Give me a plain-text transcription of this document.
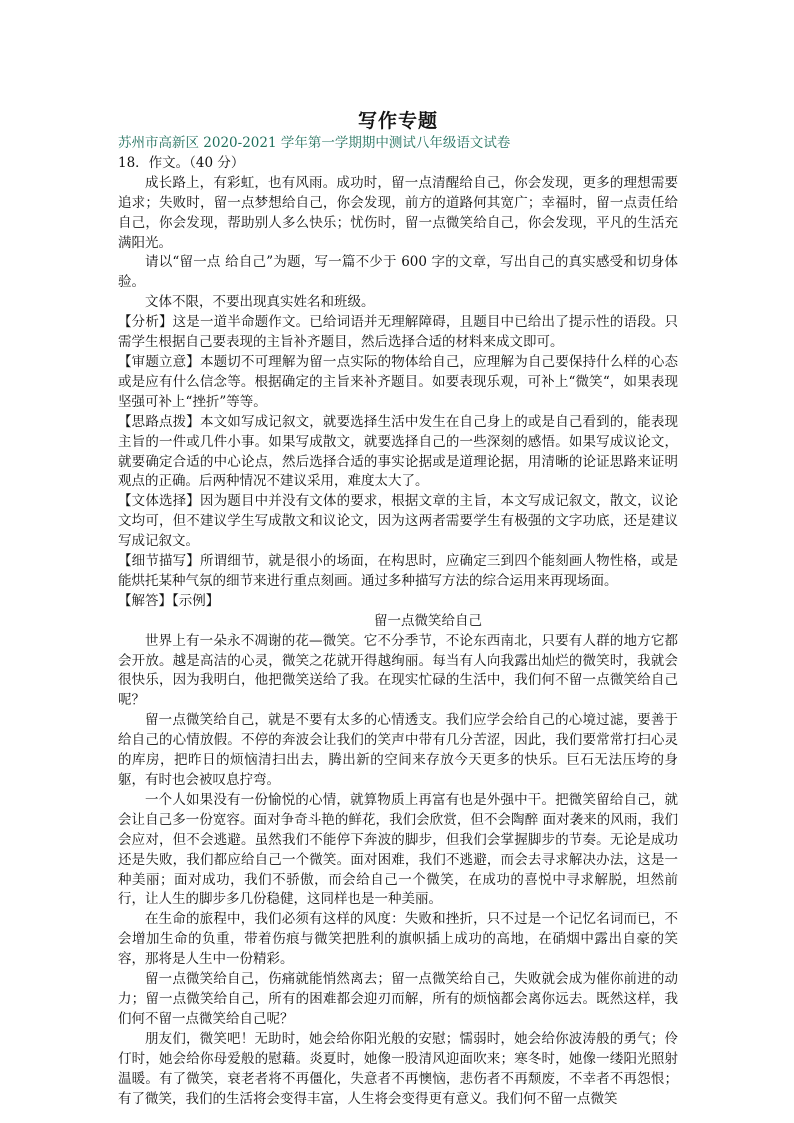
写作专题

苏州市高新区 2020-2021 学年第一学期期中测试八年级语文试卷

18．作文。（40 分）

成长路上，有彩虹，也有风雨。成功时，留一点清醒给自己，你会发现，更多的理想需要追求；失败时，留一点梦想给自己，你会发现，前方的道路何其宽广；幸福时，留一点责任给自己，你会发现，帮助别人多么快乐；忧伤时，留一点微笑给自己，你会发现，平凡的生活充满阳光。

请以“留一点 给自己”为题，写一篇不少于 600 字的文章，写出自己的真实感受和切身体验。

文体不限，不要出现真实姓名和班级。

【分析】这是一道半命题作文。已给词语并无理解障碍，且题目中已给出了提示性的语段。只需学生根据自己要表现的主旨补齐题目，然后选择合适的材料来成文即可。

【审题立意】本题切不可理解为留一点实际的物体给自己，应理解为自己要保持什么样的心态或是应有什么信念等。根据确定的主旨来补齐题目。如要表现乐观，可补上“微笑“，如果表现坚强可补上“挫折”等等。

【思路点拨】本文如写成记叙文，就要选择生活中发生在自己身上的或是自己看到的，能表现主旨的一件或几件小事。如果写成散文，就要选择自己的一些深刻的感悟。如果写成议论文，就要确定合适的中心论点，然后选择合适的事实论据或是道理论据，用清晰的论证思路来证明观点的正确。后两种情况不建议采用，难度太大了。

【文体选择】因为题目中并没有文体的要求，根据文章的主旨，本文写成记叙文，散文，议论文均可，但不建议学生写成散文和议论文，因为这两者需要学生有极强的文字功底，还是建议写成记叙文。

【细节描写】所谓细节，就是很小的场面，在构思时，应确定三到四个能刻画人物性格，或是能烘托某种气氛的细节来进行重点刻画。通过多种描写方法的综合运用来再现场面。

【解答】【示例】

留一点微笑给自己

世界上有一朵永不凋谢的花—微笑。它不分季节，不论东西南北，只要有人群的地方它都会开放。越是高洁的心灵，微笑之花就开得越绚丽。每当有人向我露出灿烂的微笑时，我就会很快乐，因为我明白，他把微笑送给了我。在现实忙碌的生活中，我们何不留一点微笑给自己呢？

留一点微笑给自己，就是不要有太多的心情透支。我们应学会给自己的心境过滤，要善于给自己的心情放假。不停的奔波会让我们的笑声中带有几分苦涩，因此，我们要常常打扫心灵的库房，把昨日的烦恼清扫出去，腾出新的空间来存放今天更多的快乐。巨石无法压垮的身躯，有时也会被叹息拧弯。

一个人如果没有一份愉悦的心情，就算物质上再富有也是外强中干。把微笑留给自己，就会让自己多一份宽容。面对争奇斗艳的鲜花，我们会欣赏，但不会陶醉 面对袭来的风雨，我们会应对，但不会逃避。虽然我们不能停下奔波的脚步，但我们会掌握脚步的节奏。无论是成功还是失败，我们都应给自己一个微笑。面对困难，我们不逃避，而会去寻求解决办法，这是一种美丽；面对成功，我们不骄傲，而会给自己一个微笑，在成功的喜悦中寻求解脱，坦然前行，让人生的脚步多几份稳健，这同样也是一种美丽。

在生命的旅程中，我们必须有这样的风度：失败和挫折，只不过是一个记忆名词而已，不会增加生命的负重，带着伤痕与微笑把胜利的旗帜插上成功的高地，在硝烟中露出自豪的笑容，那将是人生中一份精彩。

留一点微笑给自己，伤痛就能悄然离去；留一点微笑给自己，失败就会成为催你前进的动力；留一点微笑给自己，所有的困难都会迎刃而解，所有的烦恼都会离你远去。既然这样，我们何不留一点微笑给自己呢？

朋友们，微笑吧！无助时，她会给你阳光般的安慰；懦弱时，她会给你波涛般的勇气；伶仃时，她会给你母爱般的慰藉。炎夏时，她像一股清风迎面吹来；寒冬时，她像一缕阳光照射温暖。有了微笑，衰老者将不再僵化，失意者不再懊恼，悲伤者不再颓废，不幸者不再怨恨；有了微笑，我们的生活将会变得丰富，人生将会变得更有意义。我们何不留一点微笑
